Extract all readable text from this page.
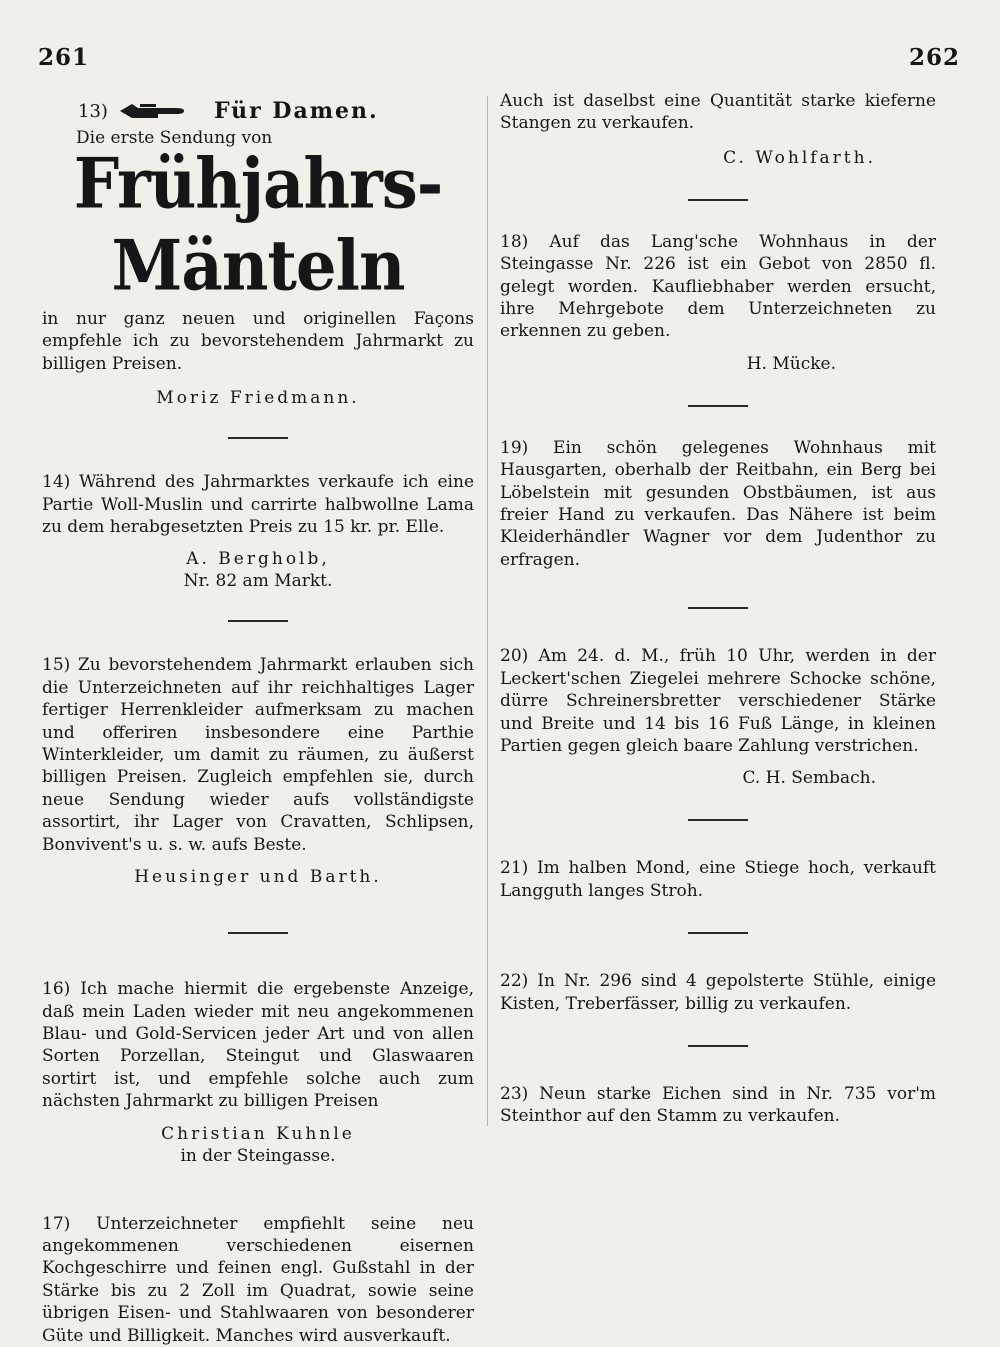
261	262
13)	Für Damen.
Die erste Sendung von
Frühjahrs-Mänteln

in nur ganz neuen und originellen Façons empfehle ich zu bevorstehendem Jahrmarkt zu billigen Preisen.

Moriz Friedmann.

14) Während des Jahrmarktes verkaufe ich eine Partie Woll-Muslin und carrirte halbwollne Lama zu dem herabgesetzten Preis zu 15 kr. pr. Elle.

A. Bergholb,
Nr. 82 am Markt.

15) Zu bevorstehendem Jahrmarkt erlauben sich die Unterzeichneten auf ihr reichhaltiges Lager fertiger Herrenkleider aufmerksam zu machen und offeriren insbesondere eine Parthie Winterkleider, um damit zu räumen, zu äußerst billigen Preisen. Zugleich empfehlen sie, durch neue Sendung wieder aufs vollständigste assortirt, ihr Lager von Cravatten, Schlipsen, Bonvivent's u. s. w. aufs Beste.

Heusinger und Barth.

16) Ich mache hiermit die ergebenste Anzeige, daß mein Laden wieder mit neu angekommenen Blau- und Gold-Servicen jeder Art und von allen Sorten Porzellan, Steingut und Glaswaaren sortirt ist, und empfehle solche auch zum nächsten Jahrmarkt zu billigen Preisen

Christian Kuhnle
in der Steingasse.

17) Unterzeichneter empfiehlt seine neu angekommenen verschiedenen eisernen Kochgeschirre und feinen engl. Gußstahl in der Stärke bis zu 2 Zoll im Quadrat, sowie seine übrigen Eisen- und Stahlwaaren von besonderer Güte und Billigkeit. Manches wird ausverkauft.

Auch ist daselbst eine Quantität starke kieferne Stangen zu verkaufen.

C. Wohlfarth.

18) Auf das Lang'sche Wohnhaus in der Steingasse Nr. 226 ist ein Gebot von 2850 fl. gelegt worden. Kaufliebhaber werden ersucht, ihre Mehrgebote dem Unterzeichneten zu erkennen zu geben.

H. Mücke.

19) Ein schön gelegenes Wohnhaus mit Hausgarten, oberhalb der Reitbahn, ein Berg bei Löbelstein mit gesunden Obstbäumen, ist aus freier Hand zu verkaufen. Das Nähere ist beim Kleiderhändler Wagner vor dem Judenthor zu erfragen.

20) Am 24. d. M., früh 10 Uhr, werden in der Leckert'schen Ziegelei mehrere Schocke schöne, dürre Schreinersbretter verschiedener Stärke und Breite und 14 bis 16 Fuß Länge, in kleinen Partien gegen gleich baare Zahlung verstrichen.

C. H. Sembach.

21) Im halben Mond, eine Stiege hoch, verkauft Langguth langes Stroh.

22) In Nr. 296 sind 4 gepolsterte Stühle, einige Kisten, Treberfässer, billig zu verkaufen.

23) Neun starke Eichen sind in Nr. 735 vor'm Steinthor auf den Stamm zu verkaufen.
